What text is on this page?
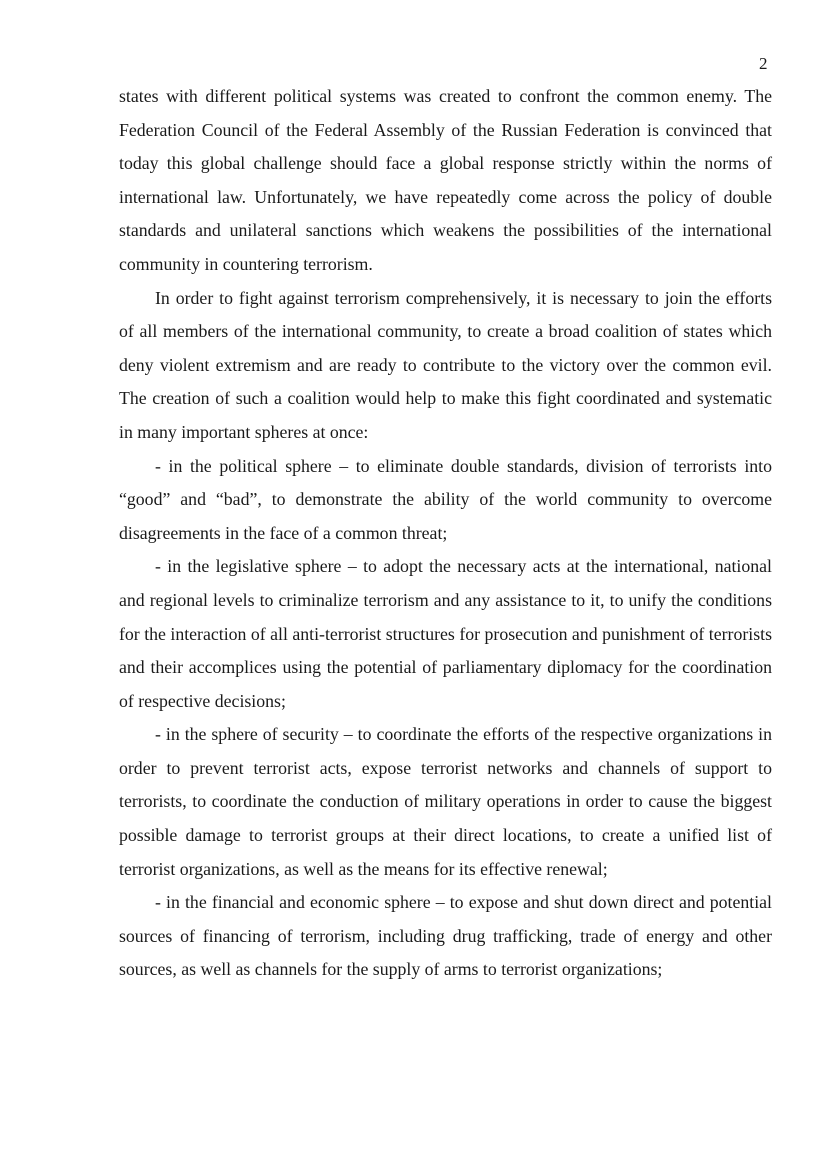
2

states with different political systems was created to confront the common enemy. The Federation Council of the Federal Assembly of the Russian Federation is convinced that today this global challenge should face a global response strictly within the norms of international law. Unfortunately, we have repeatedly come across the policy of double standards and unilateral sanctions which weakens the possibilities of the international community in countering terrorism.

In order to fight against terrorism comprehensively, it is necessary to join the efforts of all members of the international community, to create a broad coalition of states which deny violent extremism and are ready to contribute to the victory over the common evil. The creation of such a coalition would help to make this fight coordinated and systematic in many important spheres at once:

- in the political sphere – to eliminate double standards, division of terrorists into “good” and “bad”, to demonstrate the ability of the world community to overcome disagreements in the face of a common threat;

- in the legislative sphere – to adopt the necessary acts at the international, national and regional levels to criminalize terrorism and any assistance to it, to unify the conditions for the interaction of all anti-terrorist structures for prosecution and punishment of terrorists and their accomplices using the potential of parliamentary diplomacy for the coordination of respective decisions;

- in the sphere of security – to coordinate the efforts of the respective organizations in order to prevent terrorist acts, expose terrorist networks and channels of support to terrorists, to coordinate the conduction of military operations in order to cause the biggest possible damage to terrorist groups at their direct locations, to create a unified list of terrorist organizations, as well as the means for its effective renewal;

- in the financial and economic sphere – to expose and shut down direct and potential sources of financing of terrorism, including drug trafficking, trade of energy and other sources, as well as channels for the supply of arms to terrorist organizations;
